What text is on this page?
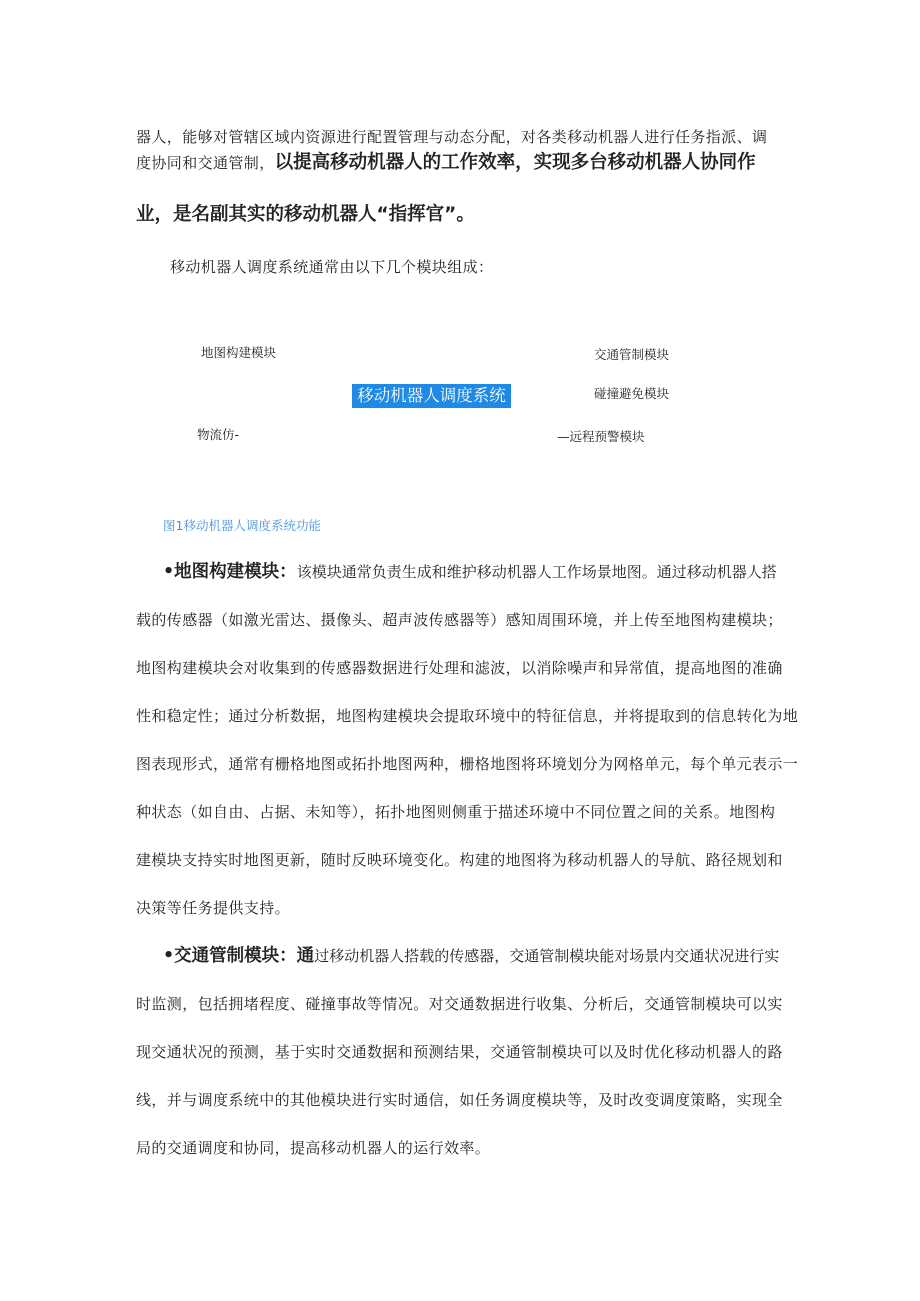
器人，能够对管辖区域内资源进行配置管理与动态分配，对各类移动机器人进行任务指派、调
度协同和交通管制，以提高移动机器人的工作效率，实现多台移动机器人协同作
业，是名副其实的移动机器人“指挥官”。
移动机器人调度系统通常由以下几个模块组成：
地图构建模块	交通管制模块
移动机器人调度系统	碰撞避免模块
物流仿-	—远程预警模块
图1移动机器人调度系统功能
•地图构建模块：该模块通常负责生成和维护移动机器人工作场景地图。通过移动机器人搭
载的传感器（如激光雷达、摄像头、超声波传感器等）感知周围环境，并上传至地图构建模块；
地图构建模块会对收集到的传感器数据进行处理和滤波，以消除噪声和异常值，提高地图的准确
性和稳定性；通过分析数据，地图构建模块会提取环境中的特征信息，并将提取到的信息转化为地
图表现形式，通常有栅格地图或拓扑地图两种，栅格地图将环境划分为网格单元，每个单元表示一
种状态（如自由、占据、未知等），拓扑地图则侧重于描述环境中不同位置之间的关系。地图构
建模块支持实时地图更新，随时反映环境变化。构建的地图将为移动机器人的导航、路径规划和
决策等任务提供支持。
•交通管制模块：通过移动机器人搭载的传感器，交通管制模块能对场景内交通状况进行实
时监测，包括拥堵程度、碰撞事故等情况。对交通数据进行收集、分析后，交通管制模块可以实
现交通状况的预测，基于实时交通数据和预测结果，交通管制模块可以及时优化移动机器人的路
线，并与调度系统中的其他模块进行实时通信，如任务调度模块等，及时改变调度策略，实现全
局的交通调度和协同，提高移动机器人的运行效率。
